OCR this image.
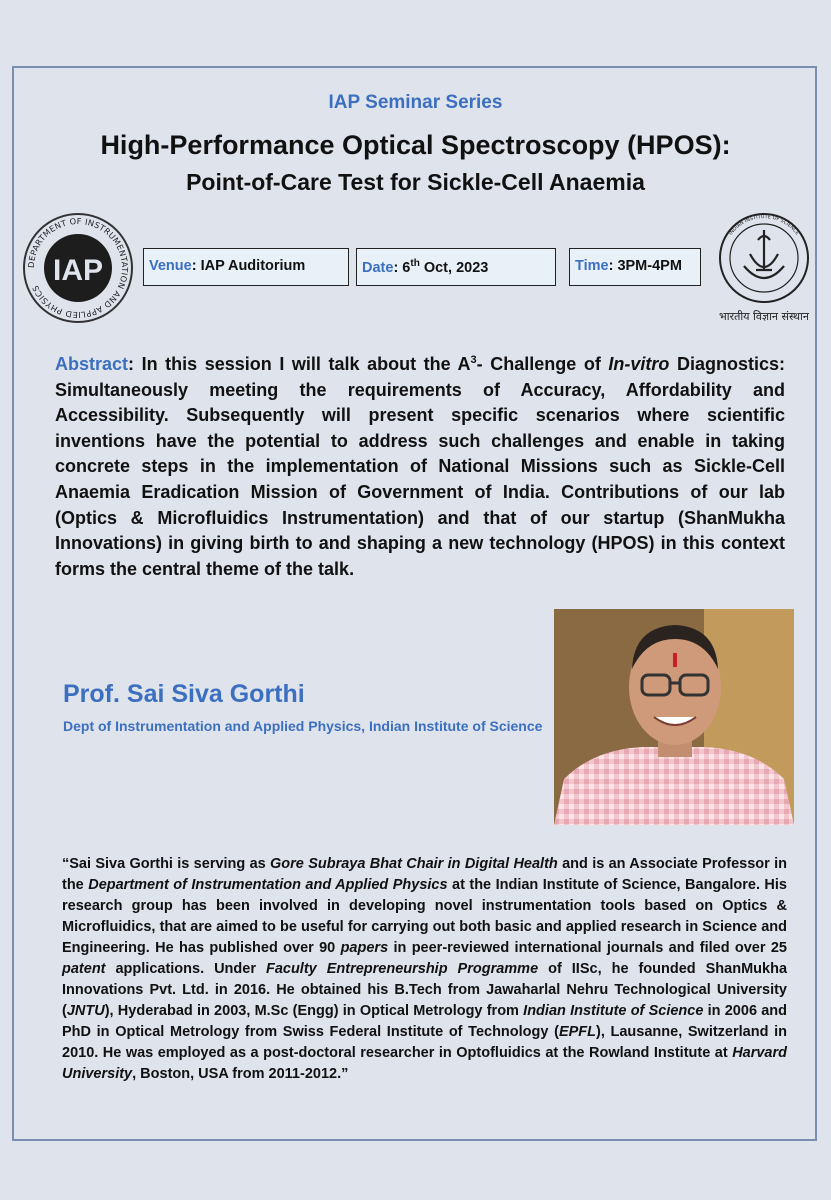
IAP Seminar Series
High-Performance Optical Spectroscopy (HPOS):
Point-of-Care Test for Sickle-Cell Anaemia
DEPARTMENT OF INSTRUMENTATION AND APPLIED PHYSICS
IAP	Venue: IAP Auditorium	Date: 6th Oct, 2023	Time: 3PM-4PM
INDIAN INSTITUTE OF SCIENCE
भारतीय विज्ञान संस्थान
Abstract: In this session I will talk about the $A^3-$ Challenge of In-vitro Diagnostics: Simultaneously meeting the requirements of Accuracy, Affordability and Accessibility. Subsequently will present specific scenarios where scientific inventions have the potential to address such challenges and enable in taking concrete steps in the implementation of National Missions such as Sickle-Cell Anaemia Eradication Mission of Government of India. Contributions of our lab (Optics & Microfluidics Instrumentation) and that of our startup (ShanMukha Innovations) in giving birth to and shaping a new technology (HPOS) in this context forms the central theme of the talk.
Prof. Sai Siva Gorthi
Dept of Instrumentation and Applied Physics, Indian Institute of Science
“Sai Siva Gorthi is serving as Gore Subraya Bhat Chair in Digital Health and is an Associate Professor in the Department of Instrumentation and Applied Physics at the Indian Institute of Science, Bangalore. His research group has been involved in developing novel instrumentation tools based on Optics & Microfluidics, that are aimed to be useful for carrying out both basic and applied research in Science and Engineering. He has published over 90 papers in peer-reviewed international journals and filed over 25 patent applications. Under Faculty Entrepreneurship Programme of IISc, he founded ShanMukha Innovations Pvt. Ltd. in 2016. He obtained his B.Tech from Jawaharlal Nehru Technological University (JNTU), Hyderabad in 2003, M.Sc (Engg) in Optical Metrology from Indian Institute of Science in 2006 and PhD in Optical Metrology from Swiss Federal Institute of Technology (EPFL), Lausanne, Switzerland in 2010. He was employed as a post-doctoral researcher in Optofluidics at the Rowland Institute at Harvard University, Boston, USA from 2011-2012.”
